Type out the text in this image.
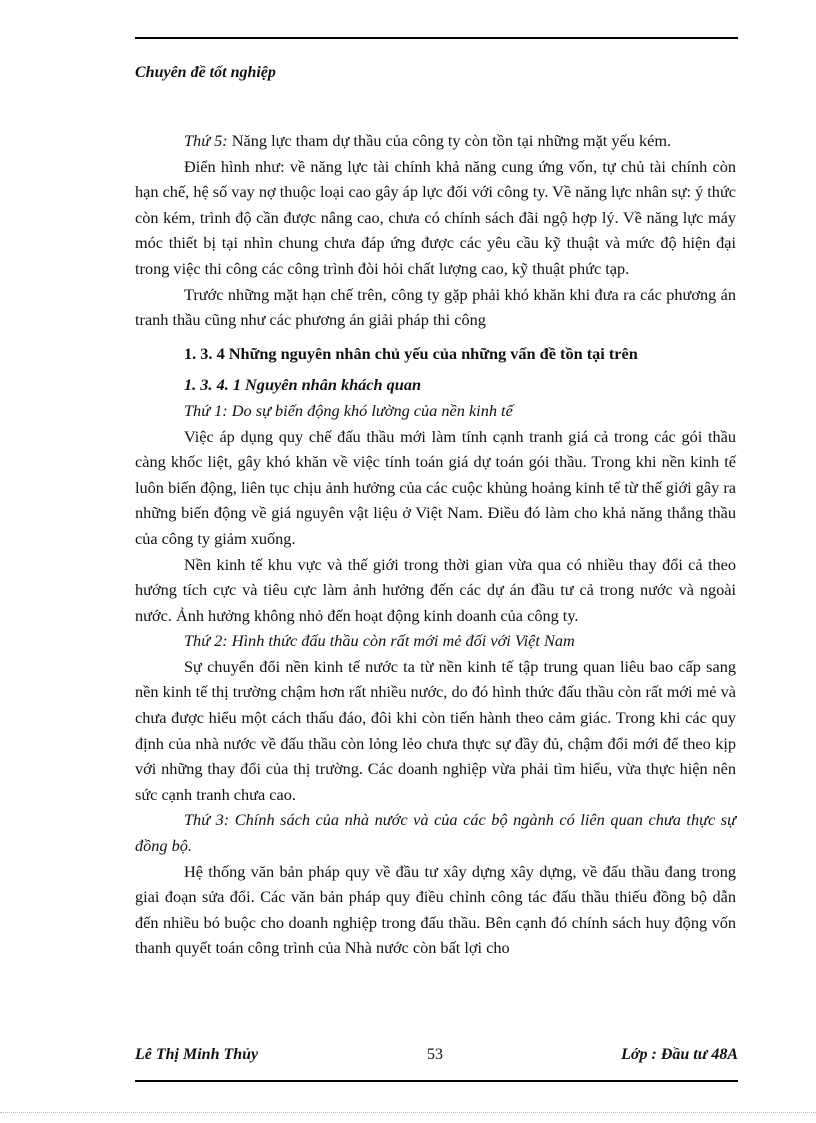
Chuyên đề tốt nghiệp

Thứ 5: Năng lực tham dự thầu của công ty còn tồn tại những mặt yếu kém.

Điển hình như: về năng lực tài chính khả năng cung ứng vốn, tự chủ tài chính còn hạn chế, hệ số vay nợ thuộc loại cao gây áp lực đối với công ty. Về năng lực nhân sự: ý thức còn kém, trình độ cần được nâng cao, chưa có chính sách đãi ngộ hợp lý. Về năng lực máy móc thiết bị tại nhìn chung chưa đáp ứng được các yêu cầu kỹ thuật và mức độ hiện đại trong việc thi công các công trình đòi hỏi chất lượng cao, kỹ thuật phức tạp.

Trước những mặt hạn chế trên, công ty gặp phải khó khăn khi đưa ra các phương án tranh thầu cũng như các phương án giải pháp thi công

1. 3. 4 Những nguyên nhân chủ yếu của những vấn đề tồn tại trên

1. 3. 4. 1 Nguyên nhân khách quan

Thứ 1: Do sự biến động khó lường của nền kinh tế

Việc áp dụng quy chế đấu thầu mới làm tính cạnh tranh giá cả trong các gói thầu càng khốc liệt, gây khó khăn về việc tính toán giá dự toán gói thầu. Trong khi nền kinh tế luôn biến động, liên tục chịu ảnh hưởng của các cuộc khủng hoảng kinh tế từ thế giới gây ra những biến động về giá nguyên vật liệu ở Việt Nam. Điều đó làm cho khả năng thắng thầu của công ty giảm xuống.

Nền kinh tế khu vực và thế giới trong thời gian vừa qua có nhiều thay đổi cả theo hướng tích cực và tiêu cực làm ảnh hưởng đến các dự án đầu tư cả trong nước và ngoài nước. Ảnh hưởng không nhỏ đến hoạt động kinh doanh của công ty.

Thứ 2: Hình thức đấu thầu còn rất mới mẻ đối với Việt Nam

Sự chuyển đổi nền kinh tế nước ta từ nền kinh tế tập trung quan liêu bao cấp sang nền kinh tế thị trường chậm hơn rất nhiều nước, do đó hình thức đấu thầu còn rất mới mẻ và chưa được hiểu một cách thấu đáo, đôi khi còn tiến hành theo cảm giác. Trong khi các quy định của nhà nước về đấu thầu còn lỏng lẻo chưa thực sự đầy đủ, chậm đổi mới để theo kịp với những thay đổi của thị trường. Các doanh nghiệp vừa phải tìm hiểu, vừa thực hiện nên sức cạnh tranh chưa cao.

Thứ 3: Chính sách của nhà nước và của các bộ ngành có liên quan chưa thực sự đồng bộ.

Hệ thống văn bản pháp quy về đầu tư xây dựng xây dựng, về đấu thầu đang trong giai đoạn sửa đổi. Các văn bản pháp quy điều chỉnh công tác đấu thầu thiếu đồng bộ dẫn đến nhiều bó buộc cho doanh nghiệp trong đấu thầu. Bên cạnh đó chính sách huy động vốn thanh quyết toán công trình của Nhà nước còn bất lợi cho

Lê Thị Minh Thủy	53	Lớp : Đầu tư 48A
